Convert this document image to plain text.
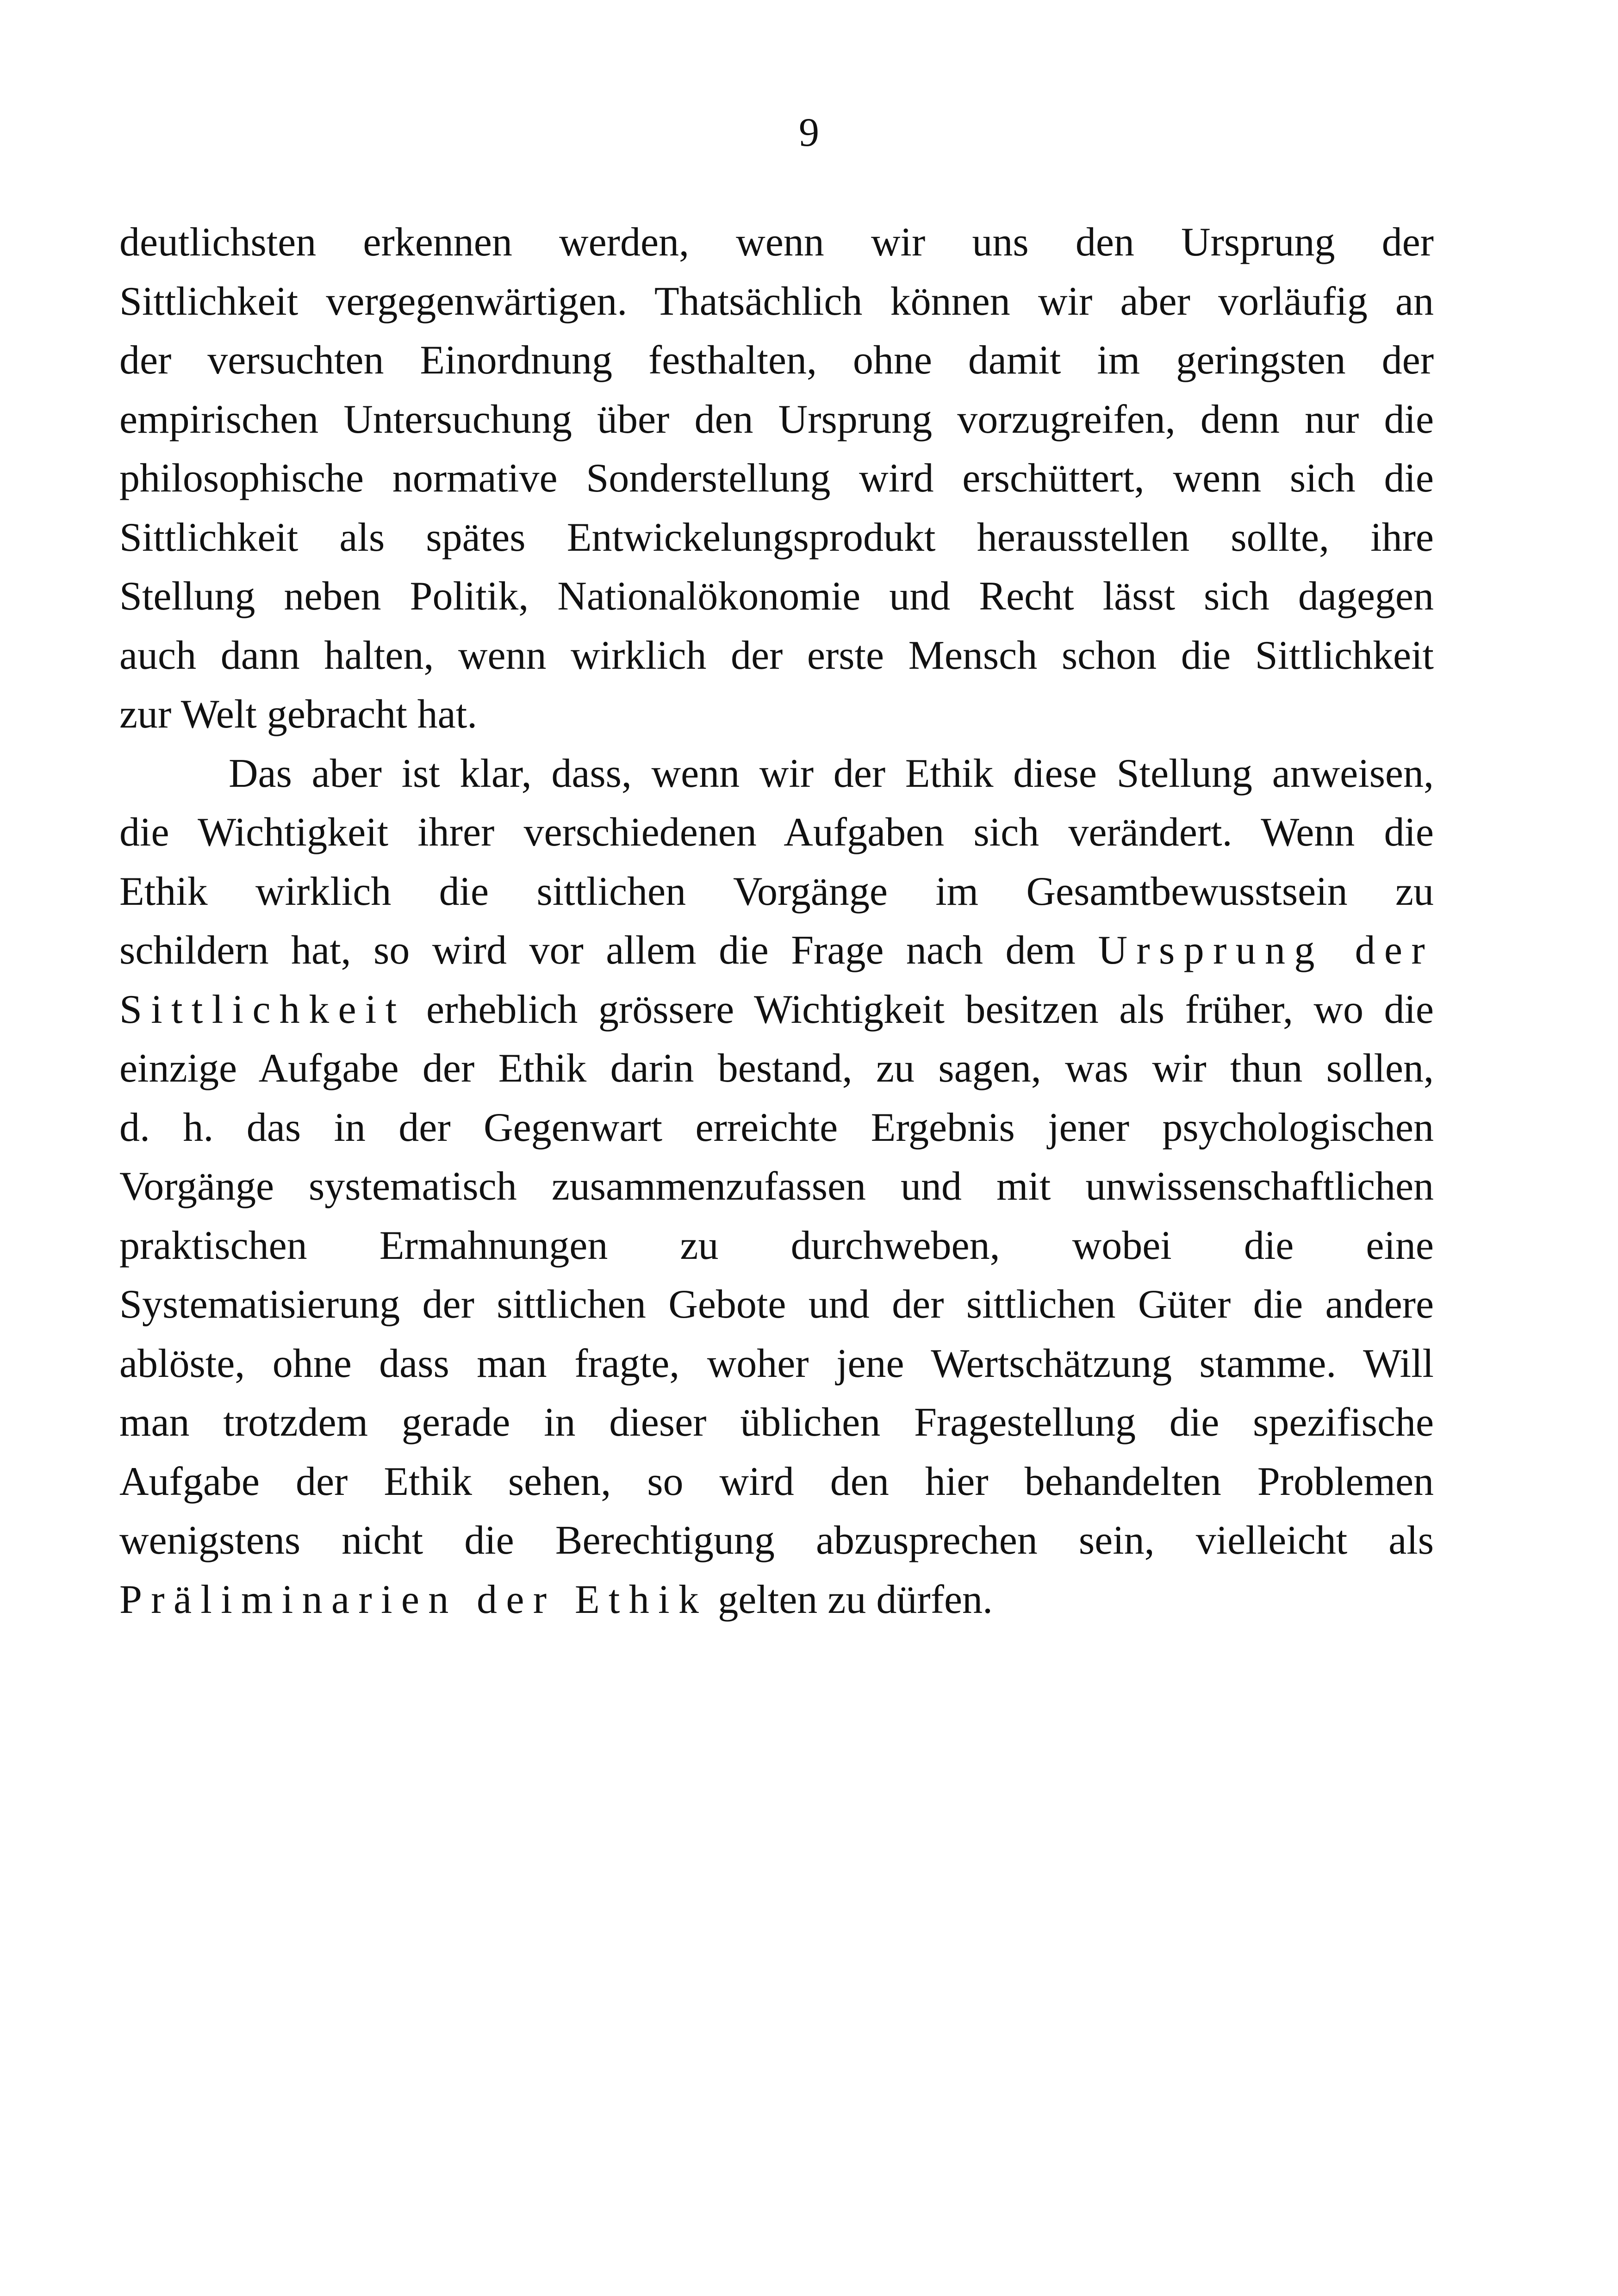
9
deutlichsten erkennen werden, wenn wir uns den Ursprung der
Sittlichkeit vergegenwärtigen. Thatsächlich können wir aber vorläufig an
der versuchten Einordnung festhalten, ohne damit im geringsten der
empirischen Untersuchung über den Ursprung vorzugreifen, denn nur die
philosophische normative Sonderstellung wird erschüttert, wenn sich die
Sittlichkeit als spätes Entwickelungsprodukt herausstellen sollte, ihre
Stellung neben Politik, Nationalökonomie und Recht lässt sich dagegen
auch dann halten, wenn wirklich der erste Mensch schon die Sittlichkeit
zur Welt gebracht hat.
Das aber ist klar, dass, wenn wir der Ethik diese Stellung anweisen,
die Wichtigkeit ihrer verschiedenen Aufgaben sich verändert. Wenn die
Ethik wirklich die sittlichen Vorgänge im Gesamtbewusstsein zu
schildern hat, so wird vor allem die Frage nach dem Ursprung der
Sittlichkeit erheblich grössere Wichtigkeit besitzen als früher, wo die
einzige Aufgabe der Ethik darin bestand, zu sagen, was wir thun sollen,
d. h. das in der Gegenwart erreichte Ergebnis jener psychologischen
Vorgänge systematisch zusammenzufassen und mit unwissenschaftlichen
praktischen Ermahnungen zu durchweben, wobei die eine
Systematisierung der sittlichen Gebote und der sittlichen Güter die andere
ablöste, ohne dass man fragte, woher jene Wertschätzung stamme. Will
man trotzdem gerade in dieser üblichen Fragestellung die spezifische
Aufgabe der Ethik sehen, so wird den hier behandelten Problemen
wenigstens nicht die Berechtigung abzusprechen sein, vielleicht als
Präliminarien der Ethik gelten zu dürfen.
